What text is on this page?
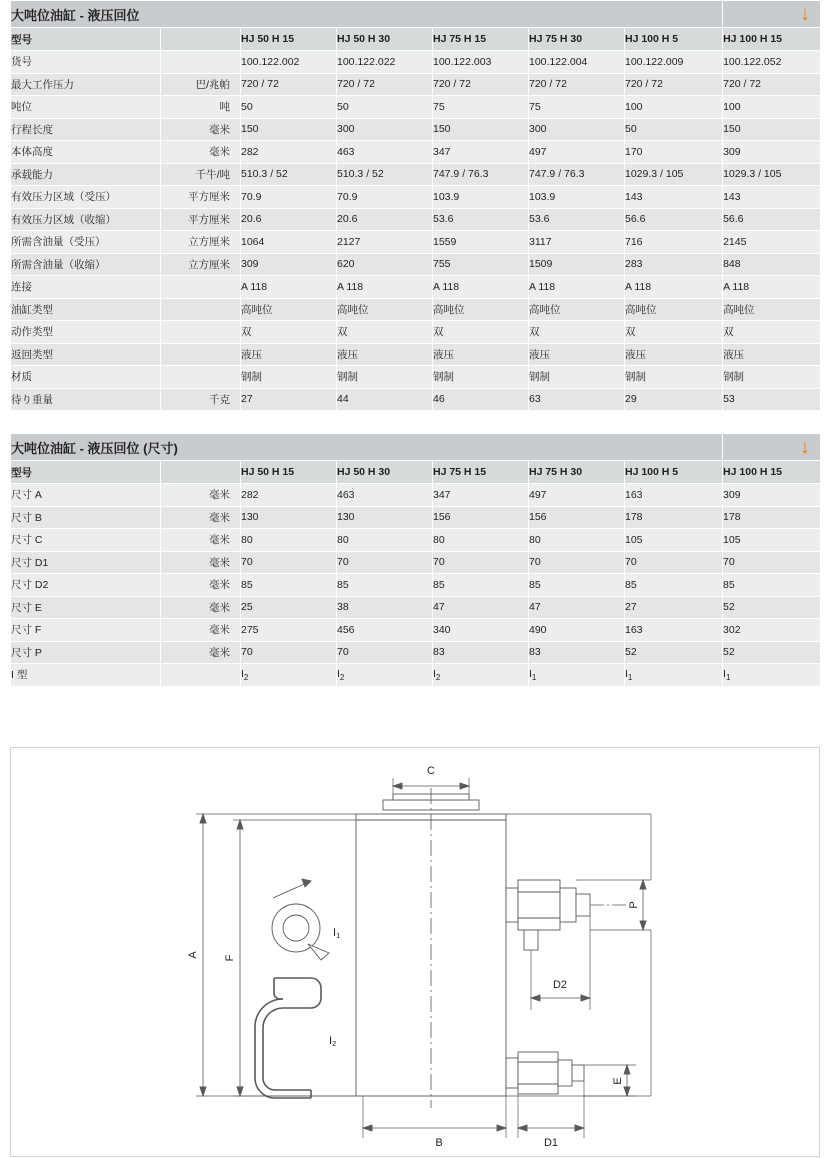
大吨位油缸 - 液压回位							↓
型号		HJ 50 H 15	HJ 50 H 30	HJ 75 H 15	HJ 75 H 30	HJ 100 H 5	HJ 100 H 15
货号		100.122.002	100.122.022	100.122.003	100.122.004	100.122.009	100.122.052
最大工作压力	巴/兆帕	720 / 72	720 / 72	720 / 72	720 / 72	720 / 72	720 / 72
吨位	吨	50	50	75	75	100	100
行程长度	毫米	150	300	150	300	50	150
本体高度	毫米	282	463	347	497	170	309
承载能力	千牛/吨	510.3 / 52	510.3 / 52	747.9 / 76.3	747.9 / 76.3	1029.3 / 105	1029.3 / 105
有效压力区域（受压）	平方厘米	70.9	70.9	103.9	103.9	143	143
有效压力区域（收缩）	平方厘米	20.6	20.6	53.6	53.6	56.6	56.6
所需含油量（受压）	立方厘米	1064	2127	1559	3117	716	2145
所需含油量（收缩）	立方厘米	309	620	755	1509	283	848
连接		A 118	A 118	A 118	A 118	A 118	A 118
油缸类型		高吨位	高吨位	高吨位	高吨位	高吨位	高吨位
动作类型		双	双	双	双	双	双
返回类型		液压	液压	液压	液压	液压	液压
材质		钢制	钢制	钢制	钢制	钢制	钢制
待り重量	千克	27	44	46	63	29	53
大吨位油缸 - 液压回位 (尺寸)							↓
型号		HJ 50 H 15	HJ 50 H 30	HJ 75 H 15	HJ 75 H 30	HJ 100 H 5	HJ 100 H 15
尺寸 A	毫米	282	463	347	497	163	309
尺寸 B	毫米	130	130	156	156	178	178
尺寸 C	毫米	80	80	80	80	105	105
尺寸 D1	毫米	70	70	70	70	70	70
尺寸 D2	毫米	85	85	85	85	85	85
尺寸 E	毫米	25	38	47	47	27	52
尺寸 F	毫米	275	456	340	490	163	302
尺寸 P	毫米	70	70	83	83	52	52
I 型		$I_2$	$I_2$	$I_2$	$I_1$	$I_1$	$I_1$
C
B	D1
D2
A F
P
E
I1
I2
